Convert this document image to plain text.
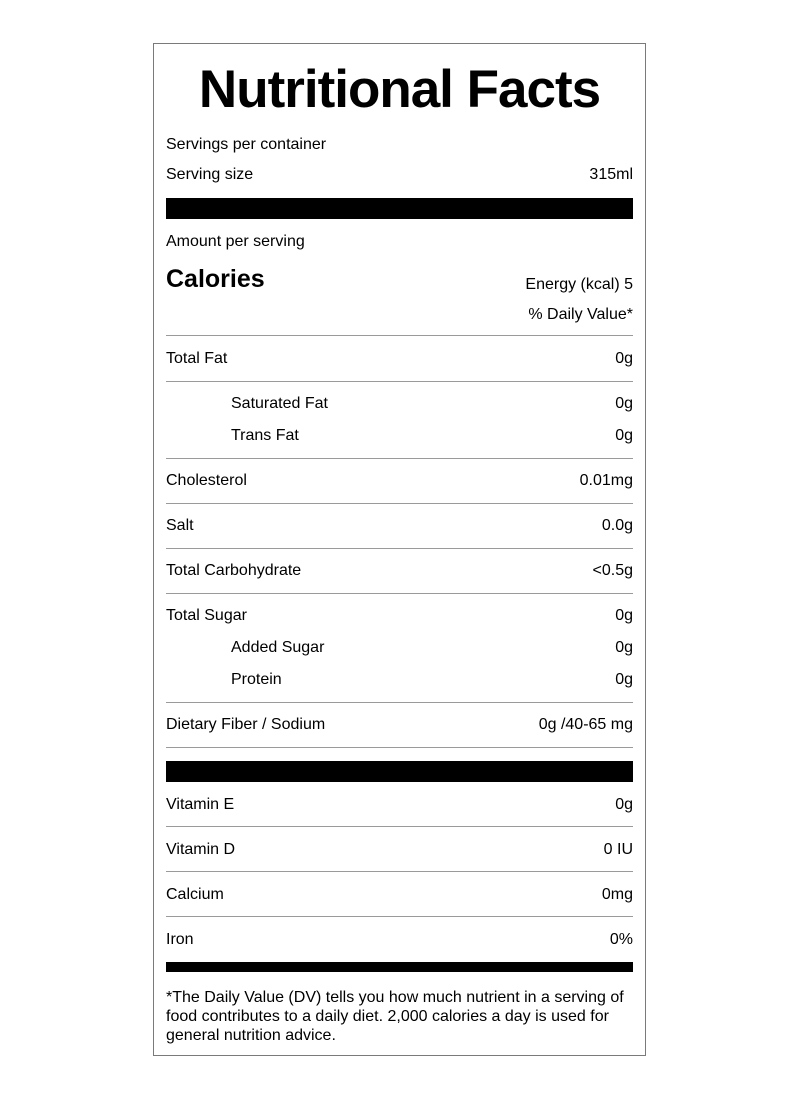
Nutritional Facts
Servings per container
Serving size	315ml
Amount per serving
Calories	Energy (kcal) 5
% Daily Value*
Total Fat	0g
Saturated Fat	0g
Trans Fat	0g
Cholesterol	0.01mg
Salt	0.0g
Total Carbohydrate	<0.5g
Total Sugar	0g
Added Sugar	0g
Protein	0g
Dietary Fiber / Sodium	0g /40-65 mg
Vitamin E	0g
Vitamin D	0 IU
Calcium	0mg
Iron	0%
*The Daily Value (DV) tells you how much nutrient in a serving of food contributes to a daily diet. 2,000 calories a day is used for general nutrition advice.
